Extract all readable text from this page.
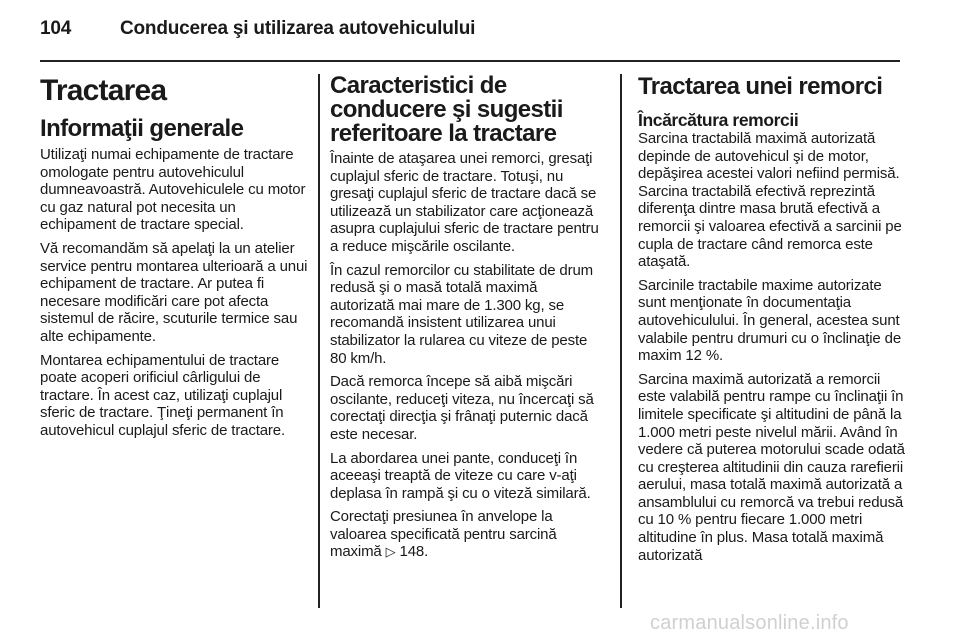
104	Conducerea şi utilizarea autovehiculului
Tractarea
Informaţii generale

Utilizaţi numai echipamente de tractare omologate pentru autovehiculul dumneavoastră. Autovehiculele cu motor cu gaz natural pot necesita un echipament de tractare special.

Vă recomandăm să apelaţi la un atelier service pentru montarea ulterioară a unui echipament de tractare. Ar putea fi necesare modificări care pot afecta sistemul de răcire, scuturile termice sau alte echipamente.

Montarea echipamentului de tractare poate acoperi orificiul cârligului de tractare. În acest caz, utilizaţi cuplajul sferic de tractare. Ţineţi permanent în autovehicul cuplajul sferic de tractare.

Caracteristici de conducere şi sugestii referitoare la tractare

Înainte de ataşarea unei remorci, gresaţi cuplajul sferic de tractare. Totuşi, nu gresaţi cuplajul sferic de tractare dacă se utilizează un stabilizator care acţionează asupra cuplajului sferic de tractare pentru a reduce mişcările oscilante.

În cazul remorcilor cu stabilitate de drum redusă şi o masă totală maximă autorizată mai mare de 1.300 kg, se recomandă insistent utilizarea unui stabilizator la rularea cu viteze de peste 80 km/h.

Dacă remorca începe să aibă mişcări oscilante, reduceţi viteza, nu încercaţi să corectaţi direcţia şi frânaţi puternic dacă este necesar.

La abordarea unei pante, conduceţi în aceeaşi treaptă de viteze cu care v-aţi deplasa în rampă şi cu o viteză similară.

Corectaţi presiunea în anvelope la valoarea specificată pentru sarcină maximă ▷ 148.

Tractarea unei remorci
Încărcătura remorcii

Sarcina tractabilă maximă autorizată depinde de autovehicul şi de motor, depăşirea acestei valori nefiind permisă. Sarcina tractabilă efectivă reprezintă diferenţa dintre masa brută efectivă a remorcii şi valoarea efectivă a sarcinii pe cupla de tractare când remorca este ataşată.

Sarcinile tractabile maxime autorizate sunt menţionate în documentaţia autovehiculului. În general, acestea sunt valabile pentru drumuri cu o înclinaţie de maxim 12 %.

Sarcina maximă autorizată a remorcii este valabilă pentru rampe cu înclinaţii în limitele specificate şi altitudini de până la 1.000 metri peste nivelul mării. Având în vedere că puterea motorului scade odată cu creşterea altitudinii din cauza rarefierii aerului, masa totală maximă autorizată a ansamblului cu remorcă va trebui redusă cu 10 % pentru fiecare 1.000 metri altitudine în plus. Masa totală maximă autorizată

carmanualsonline.info
